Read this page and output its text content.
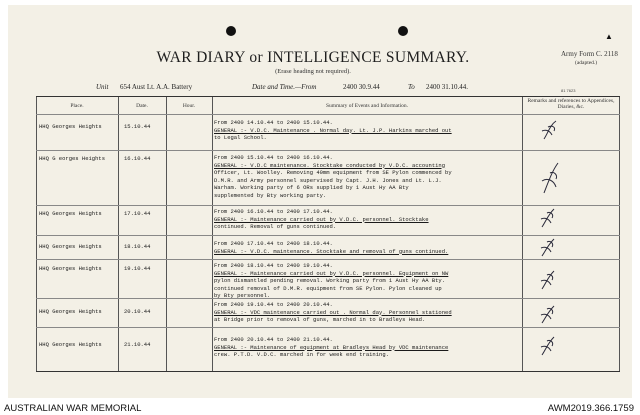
▲
WAR DIARY or INTELLIGENCE SUMMARY.
(Erase heading not required).
Army Form C. 2118
(adapted.)
Unit 654 Aust Lt. A.A. Battery	Date and Time.—From	2400 30.9.44	To 2400 31.10.44.	81 7623
Place.	Date.	Hour.	Summary of Events and Information.
Remarks and references to Appendices, Diaries, &c.
HHQ Georges Heights	15.10.44
From 2400 14.10.44 to 2400 15.10.44.
GENERAL :- V.D.C. Maintenance . Normal day. Lt. J.P. Harkins marched out
to Legal School.
HHQ G eorges Heights	16.10.44	From 2400 15.10.44 to 2400 16.10.44.
GENERAL :- V.D.C maintenance. Stocktake conducted by V.D.C. accounting
Officer, Lt. Woolley. Removing 40mm equipment from SE Pylon commenced by
D.M.R. and Army personnel supervised by Capt. J.H. Jones and Lt. L.J.
Warham. Working party of 6 ORs supplied by 1 Aust Hy AA Bty
supplemented by Bty working party.
HHQ Georges Heights	17.10.44	From 2400 16.10.44 to 2400 17.10.44.
GENERAL :- Maintenance carried out by V.D.C. personnel. Stocktake
continued. Removal of guns continued.
HHQ Georges Heights	18.10.44	From 2400 17.10.44 to 2400 18.10.44.
GENERAL :- V.D.C. maintenance. Stocktake and removal of guns continued.
HHQ Georges Heights	19.10.44	From 2400 18.10.44 to 2400 19.10.44.
GENERAL :- Maintenance carried out by V.D.C. personnel. Equipment on NW
pylon dismantled pending removal. Working party from 1 Aust Hy AA Bty.
continued removal of D.M.R. equipment from SE Pylon. Pylon cleaned up
by Bty personnel.
HHQ Georges Heights	20.10.44
From 2400 19.10.44 to 2400 20.10.44.
GENERAL :- VDC maintenance carried out . Normal day. Personnel stationed
at Bridge prior to removal of guns, marched in to Bradleys Head.
HHQ Georges Heights	21.10.44
From 2400 20.10.44 to 2400 21.10.44.
GENERAL :- Maintenance of equipment at Bradleys Head by VDC maintenance
crew. P.T.D. V.D.C. marched in for week end training.
AUSTRALIAN WAR MEMORIAL	AWM2019.366.1759
